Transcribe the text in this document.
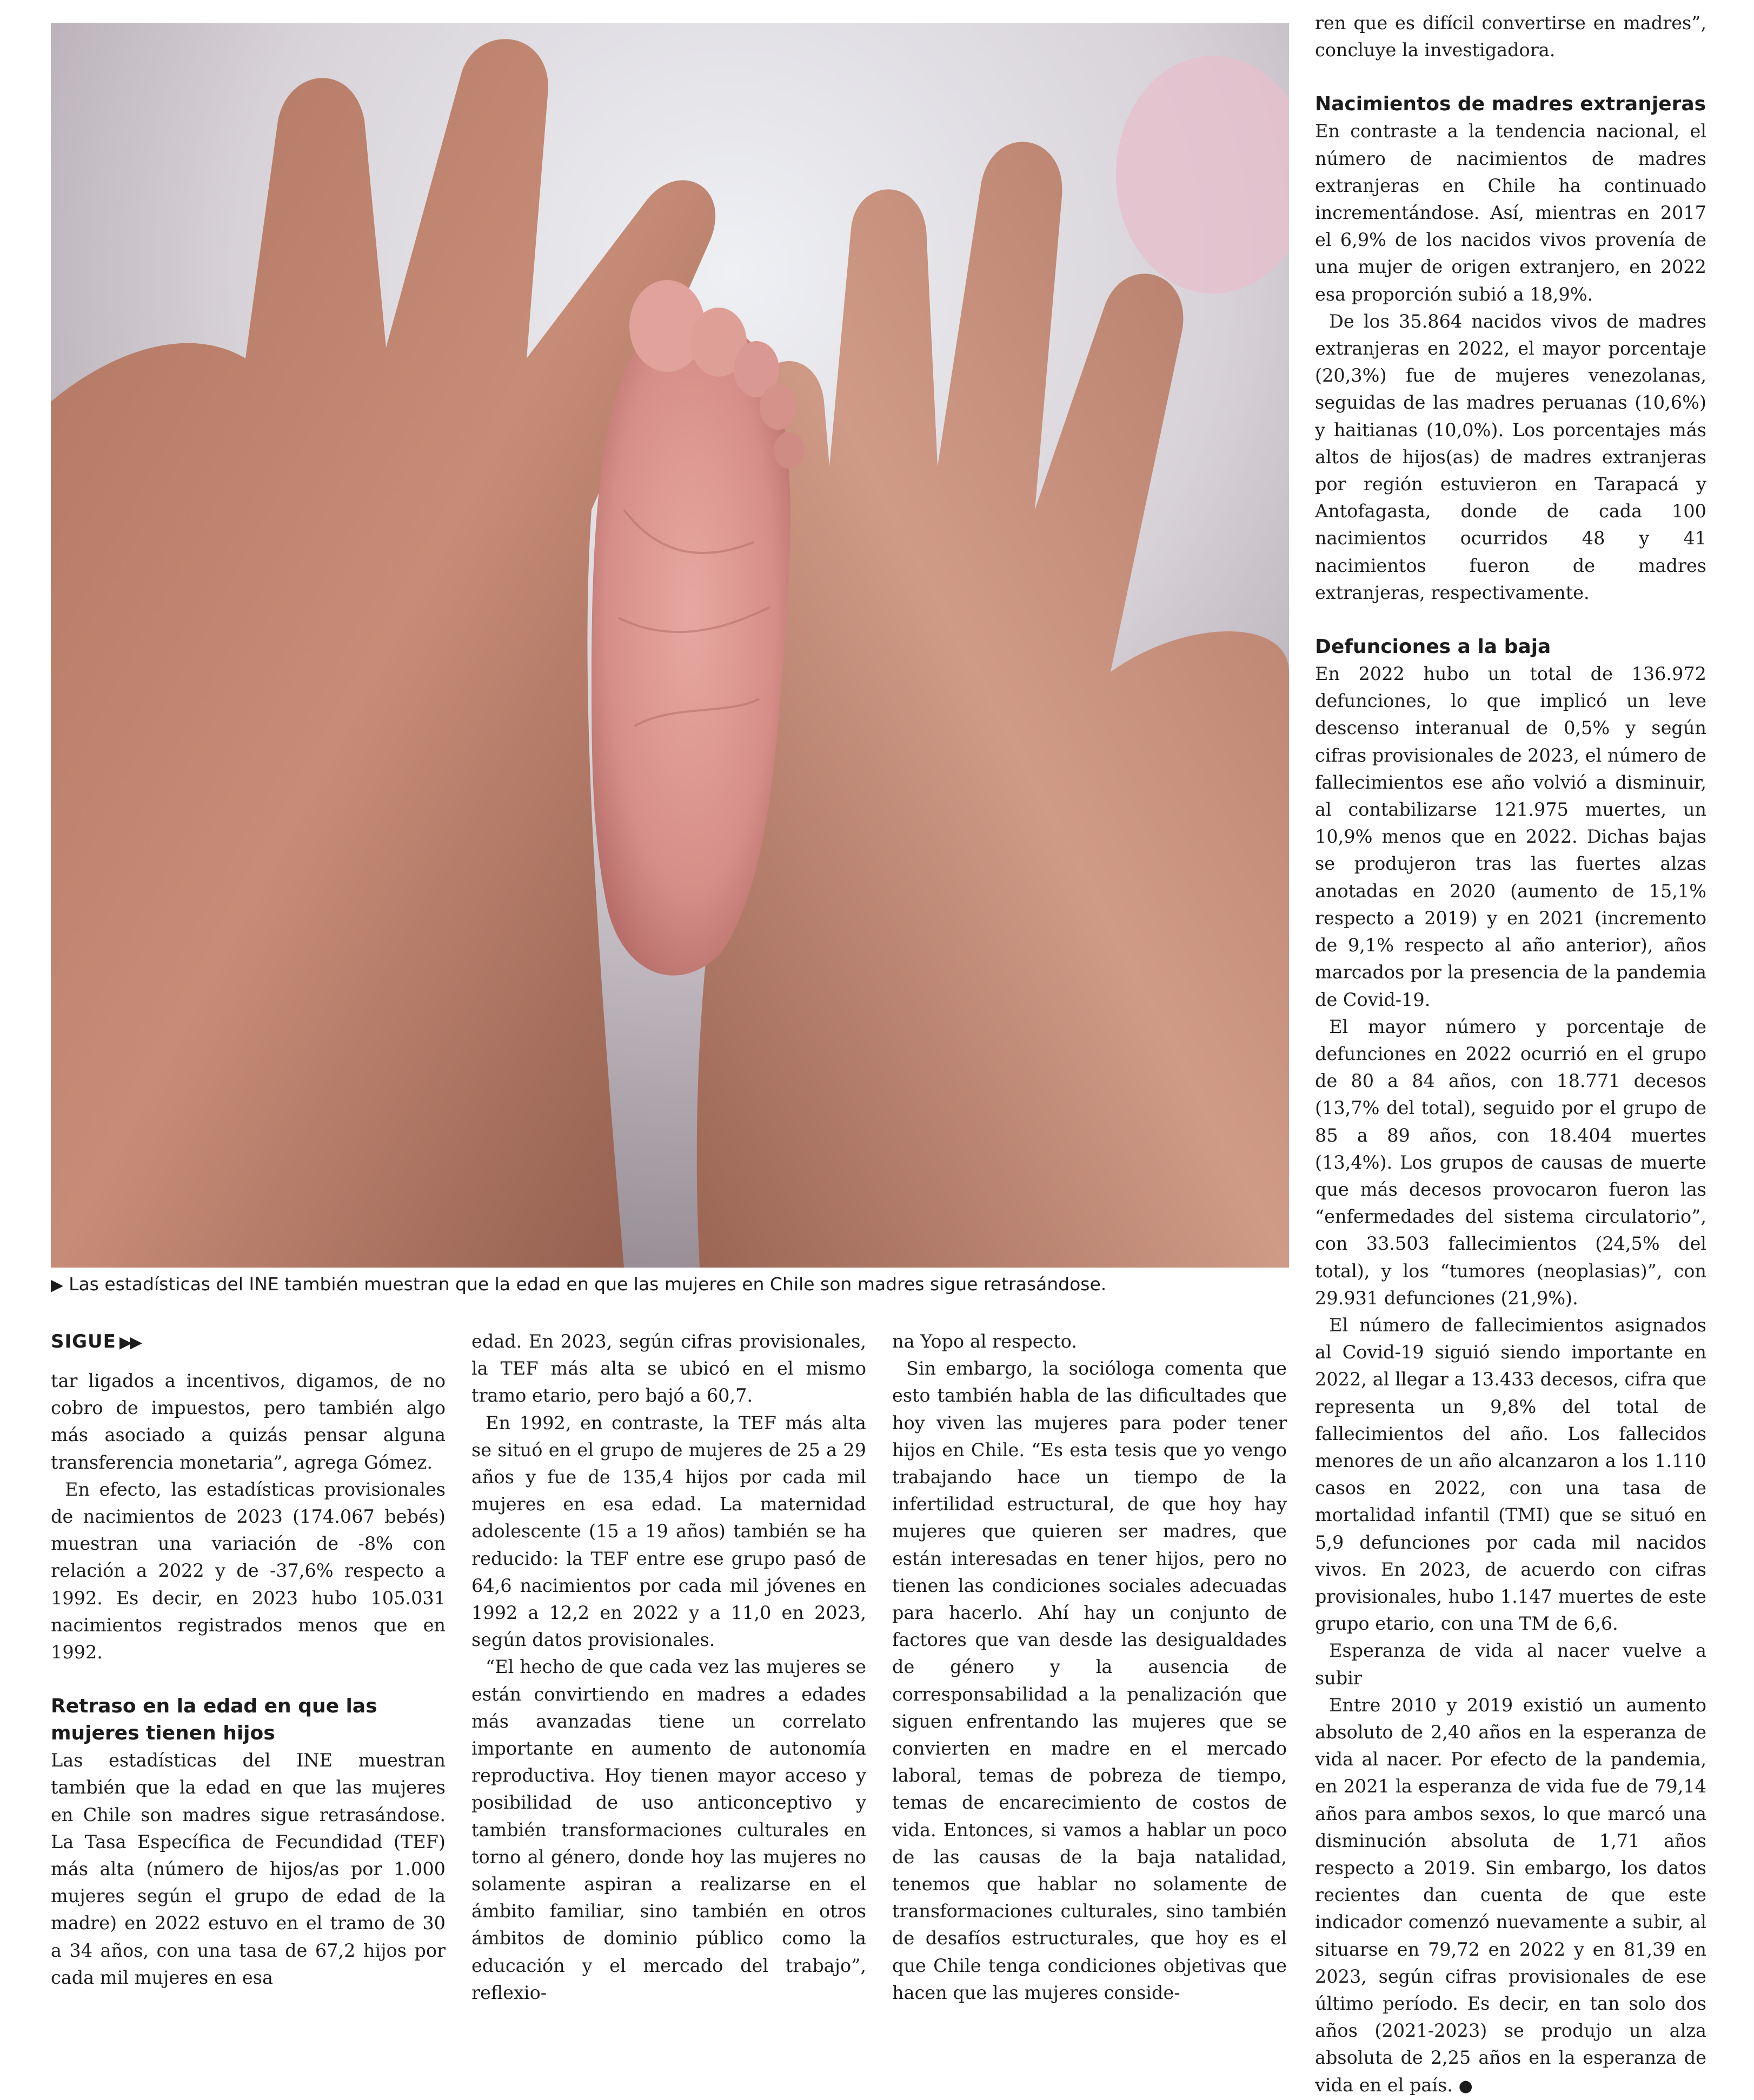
▶ Las estadísticas del INE también muestran que la edad en que las mujeres en Chile son madres sigue retrasándose.
SIGUE ▶▶

tar ligados a incentivos, digamos, de no cobro de impuestos, pero también algo más asociado a quizás pensar alguna transferencia monetaria”, agrega Gómez.

En efecto, las estadísticas provisionales de nacimientos de 2023 (174.067 bebés) muestran una variación de -8% con relación a 2022 y de -37,6% respecto a 1992. Es decir, en 2023 hubo 105.031 nacimientos registrados menos que en 1992.

Retraso en la edad en que las mujeres tienen hijos

Las estadísticas del INE muestran también que la edad en que las mujeres en Chile son madres sigue retrasándose. La Tasa Específica de Fecundidad (TEF) más alta (número de hijos/as por 1.000 mujeres según el grupo de edad de la madre) en 2022 estuvo en el tramo de 30 a 34 años, con una tasa de 67,2 hijos por cada mil mujeres en esa

edad. En 2023, según cifras provisionales, la TEF más alta se ubicó en el mismo tramo etario, pero bajó a 60,7.

En 1992, en contraste, la TEF más alta se situó en el grupo de mujeres de 25 a 29 años y fue de 135,4 hijos por cada mil mujeres en esa edad. La maternidad adolescente (15 a 19 años) también se ha reducido: la TEF entre ese grupo pasó de 64,6 nacimientos por cada mil jóvenes en 1992 a 12,2 en 2022 y a 11,0 en 2023, según datos provisionales.

“El hecho de que cada vez las mujeres se están convirtiendo en madres a edades más avanzadas tiene un correlato importante en aumento de autonomía reproductiva. Hoy tienen mayor acceso y posibilidad de uso anticonceptivo y también transformaciones culturales en torno al género, donde hoy las mujeres no solamente aspiran a realizarse en el ámbito familiar, sino también en otros ámbitos de dominio público como la educación y el mercado del trabajo”, reflexio-

na Yopo al respecto.

Sin embargo, la socióloga comenta que esto también habla de las dificultades que hoy viven las mujeres para poder tener hijos en Chile. “Es esta tesis que yo vengo trabajando hace un tiempo de la infertilidad estructural, de que hoy hay mujeres que quieren ser madres, que están interesadas en tener hijos, pero no tienen las condiciones sociales adecuadas para hacerlo. Ahí hay un conjunto de factores que van desde las desigualdades de género y la ausencia de corresponsabilidad a la penalización que siguen enfrentando las mujeres que se convierten en madre en el mercado laboral, temas de pobreza de tiempo, temas de encarecimiento de costos de vida. Entonces, si vamos a hablar un poco de las causas de la baja natalidad, tenemos que hablar no solamente de transformaciones culturales, sino también de desafíos estructurales, que hoy es el que Chile tenga condiciones objetivas que hacen que las mujeres conside-

ren que es difícil convertirse en madres”, concluye la investigadora.

Nacimientos de madres extranjeras

En contraste a la tendencia nacional, el número de nacimientos de madres extranjeras en Chile ha continuado incrementándose. Así, mientras en 2017 el 6,9% de los nacidos vivos provenía de una mujer de origen extranjero, en 2022 esa proporción subió a 18,9%.

De los 35.864 nacidos vivos de madres extranjeras en 2022, el mayor porcentaje (20,3%) fue de mujeres venezolanas, seguidas de las madres peruanas (10,6%) y haitianas (10,0%). Los porcentajes más altos de hijos(as) de madres extranjeras por región estuvieron en Tarapacá y Antofagasta, donde de cada 100 nacimientos ocurridos 48 y 41 nacimientos fueron de madres extranjeras, respectivamente.

Defunciones a la baja

En 2022 hubo un total de 136.972 defunciones, lo que implicó un leve descenso interanual de 0,5% y según cifras provisionales de 2023, el número de fallecimientos ese año volvió a disminuir, al contabilizarse 121.975 muertes, un 10,9% menos que en 2022. Dichas bajas se produjeron tras las fuertes alzas anotadas en 2020 (aumento de 15,1% respecto a 2019) y en 2021 (incremento de 9,1% respecto al año anterior), años marcados por la presencia de la pandemia de Covid-19.

El mayor número y porcentaje de defunciones en 2022 ocurrió en el grupo de 80 a 84 años, con 18.771 decesos (13,7% del total), seguido por el grupo de 85 a 89 años, con 18.404 muertes (13,4%). Los grupos de causas de muerte que más decesos provocaron fueron las “enfermedades del sistema circulatorio”, con 33.503 fallecimientos (24,5% del total), y los “tumores (neoplasias)”, con 29.931 defunciones (21,9%).

El número de fallecimientos asignados al Covid-19 siguió siendo importante en 2022, al llegar a 13.433 decesos, cifra que representa un 9,8% del total de fallecimientos del año. Los fallecidos menores de un año alcanzaron a los 1.110 casos en 2022, con una tasa de mortalidad infantil (TMI) que se situó en 5,9 defunciones por cada mil nacidos vivos. En 2023, de acuerdo con cifras provisionales, hubo 1.147 muertes de este grupo etario, con una TM de 6,6.

Esperanza de vida al nacer vuelve a subir

Entre 2010 y 2019 existió un aumento absoluto de 2,40 años en la esperanza de vida al nacer. Por efecto de la pandemia, en 2021 la esperanza de vida fue de 79,14 años para ambos sexos, lo que marcó una disminución absoluta de 1,71 años respecto a 2019. Sin embargo, los datos recientes dan cuenta de que este indicador comenzó nuevamente a subir, al situarse en 79,72 en 2022 y en 81,39 en 2023, según cifras provisionales de ese último período. Es decir, en tan solo dos años (2021-2023) se produjo un alza absoluta de 2,25 años en la esperanza de vida en el país. ●
